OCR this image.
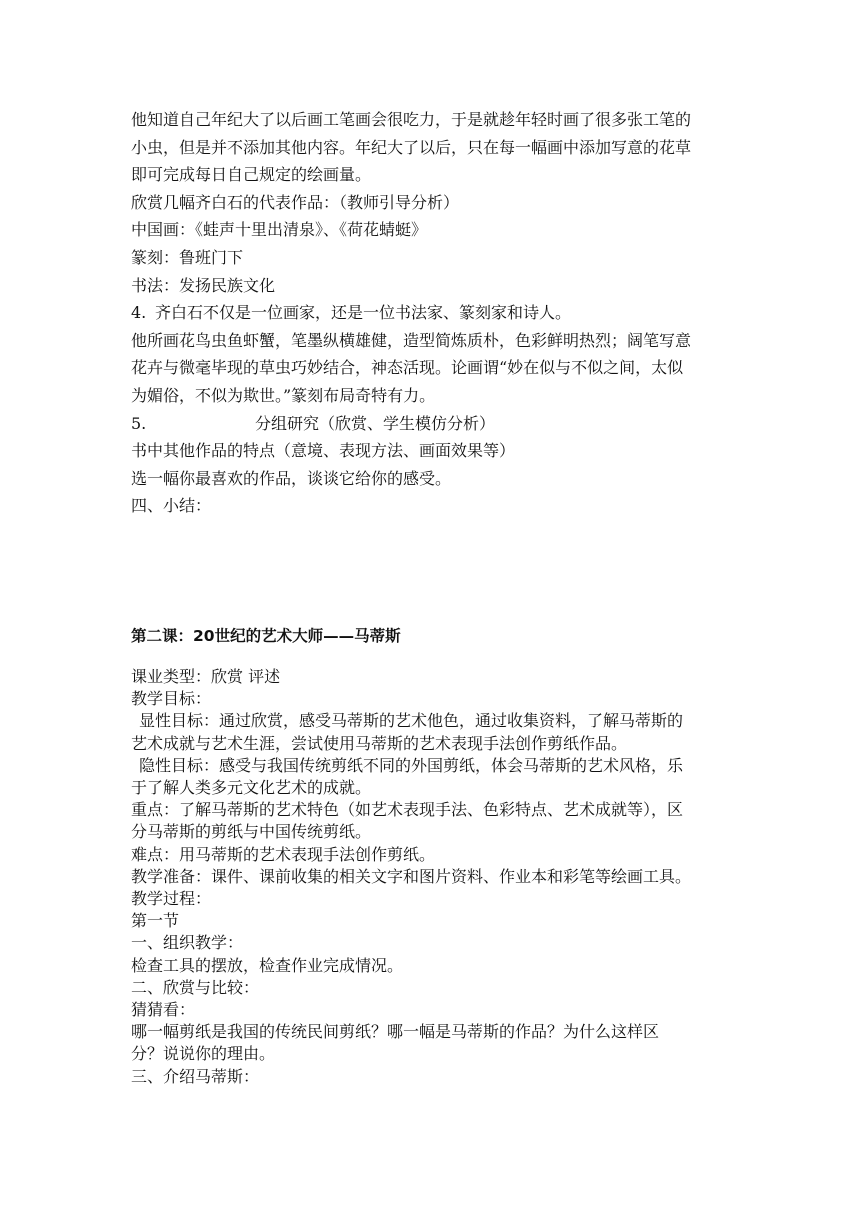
他知道自己年纪大了以后画工笔画会很吃力，于是就趁年轻时画了很多张工笔的
小虫，但是并不添加其他内容。年纪大了以后，只在每一幅画中添加写意的花草
即可完成每日自己规定的绘画量。
欣赏几幅齐白石的代表作品：（教师引导分析）
中国画：《蛙声十里出清泉》、《荷花蜻蜓》
篆刻：鲁班门下
书法：发扬民族文化
4. 齐白石不仅是一位画家，还是一位书法家、篆刻家和诗人。
他所画花鸟虫鱼虾蟹，笔墨纵横雄健，造型简炼质朴，色彩鲜明热烈；阔笔写意
花卉与微毫毕现的草虫巧妙结合，神态活现。论画谓“妙在似与不似之间，太似
为媚俗，不似为欺世。”篆刻布局奇特有力。
5.	分组研究（欣赏、学生模仿分析）
书中其他作品的特点（意境、表现方法、画面效果等）
选一幅你最喜欢的作品，谈谈它给你的感受。
四、小结：
第二课：20世纪的艺术大师——马蒂斯
课业类型：欣赏 评述
教学目标：
显性目标：通过欣赏，感受马蒂斯的艺术他色，通过收集资料，了解马蒂斯的
艺术成就与艺术生涯，尝试使用马蒂斯的艺术表现手法创作剪纸作品。
隐性目标：感受与我国传统剪纸不同的外国剪纸，体会马蒂斯的艺术风格，乐
于了解人类多元文化艺术的成就。
重点：了解马蒂斯的艺术特色（如艺术表现手法、色彩特点、艺术成就等），区
分马蒂斯的剪纸与中国传统剪纸。
难点：用马蒂斯的艺术表现手法创作剪纸。
教学准备：课件、课前收集的相关文字和图片资料、作业本和彩笔等绘画工具。
教学过程：
第一节
一、组织教学：
检查工具的摆放，检查作业完成情况。
二、欣赏与比较：
猜猜看：
哪一幅剪纸是我国的传统民间剪纸？哪一幅是马蒂斯的作品？为什么这样区
分？说说你的理由。
三、介绍马蒂斯：
